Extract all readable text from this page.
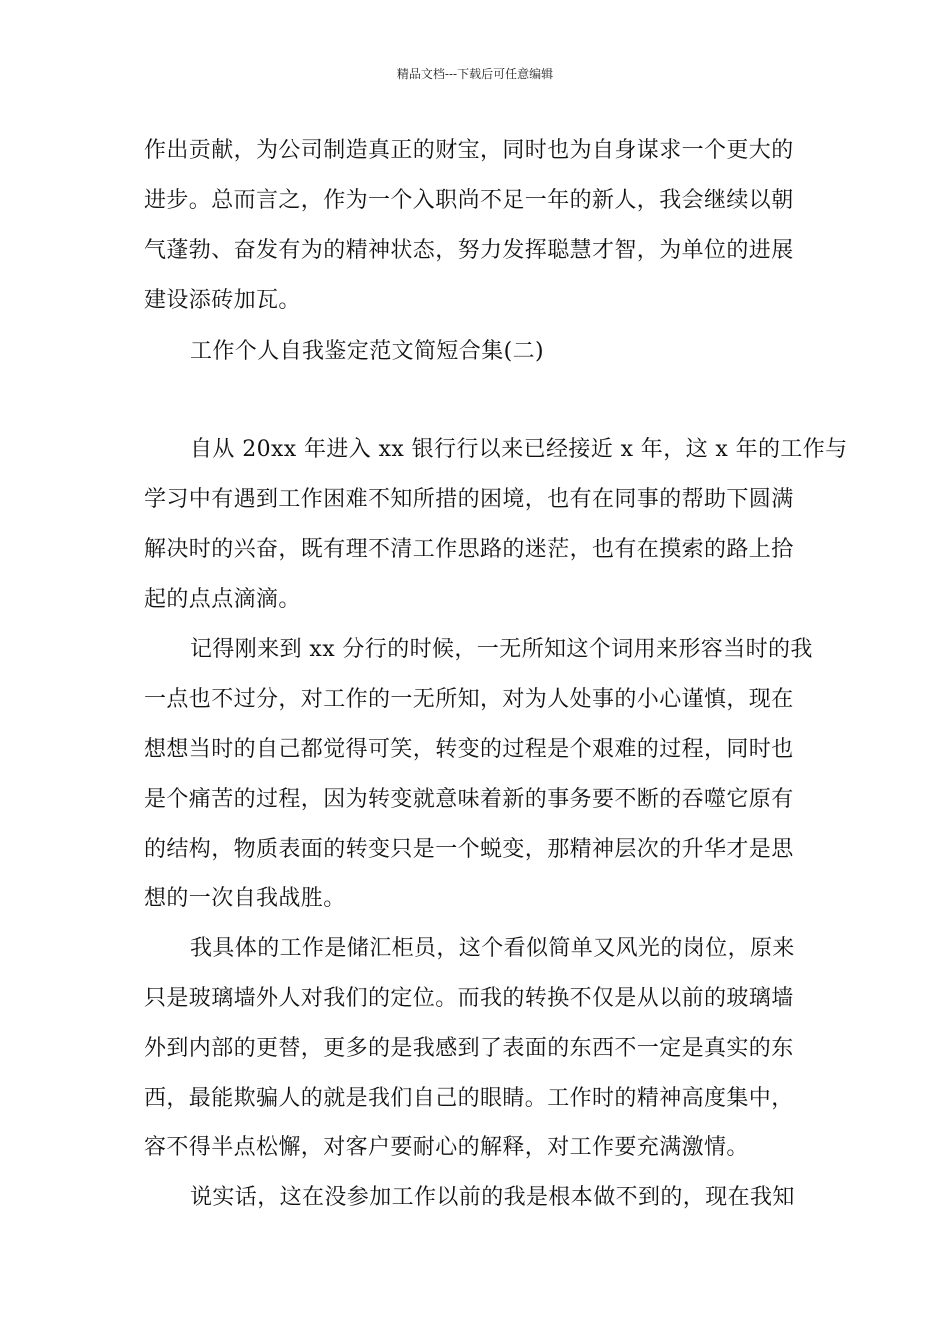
精品文档---下载后可任意编辑
作出贡献，为公司制造真正的财宝，同时也为自身谋求一个更大的
进步。总而言之，作为一个入职尚不足一年的新人，我会继续以朝
气蓬勃、奋发有为的精神状态，努力发挥聪慧才智，为单位的进展
建设添砖加瓦。
工作个人自我鉴定范文简短合集(二)
自从 20xx 年进入 xx 银行行以来已经接近 x 年，这 x 年的工作与
学习中有遇到工作困难不知所措的困境，也有在同事的帮助下圆满
解决时的兴奋，既有理不清工作思路的迷茫，也有在摸索的路上拾
起的点点滴滴。
记得刚来到 xx 分行的时候，一无所知这个词用来形容当时的我
一点也不过分，对工作的一无所知，对为人处事的小心谨慎，现在
想想当时的自己都觉得可笑，转变的过程是个艰难的过程，同时也
是个痛苦的过程，因为转变就意味着新的事务要不断的吞噬它原有
的结构，物质表面的转变只是一个蜕变，那精神层次的升华才是思
想的一次自我战胜。
我具体的工作是储汇柜员，这个看似简单又风光的岗位，原来
只是玻璃墙外人对我们的定位。而我的转换不仅是从以前的玻璃墙
外到内部的更替，更多的是我感到了表面的东西不一定是真实的东
西，最能欺骗人的就是我们自己的眼睛。工作时的精神高度集中，
容不得半点松懈，对客户要耐心的解释，对工作要充满激情。
说实话，这在没参加工作以前的我是根本做不到的，现在我知
